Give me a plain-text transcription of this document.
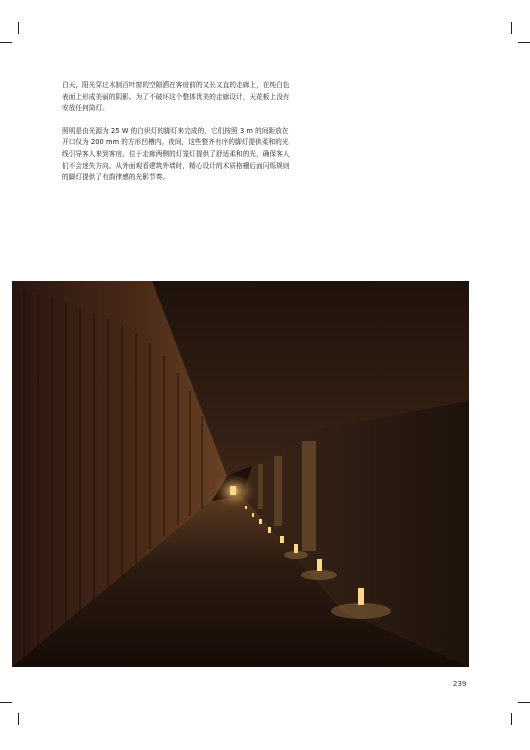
白天，阳光穿过木制百叶窗的空隙洒在客房前的又长又直的走廊上，在纯白色表面上形成美丽的阴影。为了不破坏这个整体优美的走廊设计，天花板上没有安放任何筒灯。

照明是由光源为 25 W 的白炽灯的脚灯来完成的，它们按照 3 m 的间距放在开口仅为 200 mm 的方形凹槽内。夜间，这些整齐有序的脚灯提供柔和的光线引导客人来到客房。位于走廊两侧的灯笼灯提供了舒适柔和的光，确保客人们不会迷失方向。从外面观看建筑外墙时，精心设计的木质格栅后面闪烁规则的脚灯提供了有韵律感的光影节奏。

239
